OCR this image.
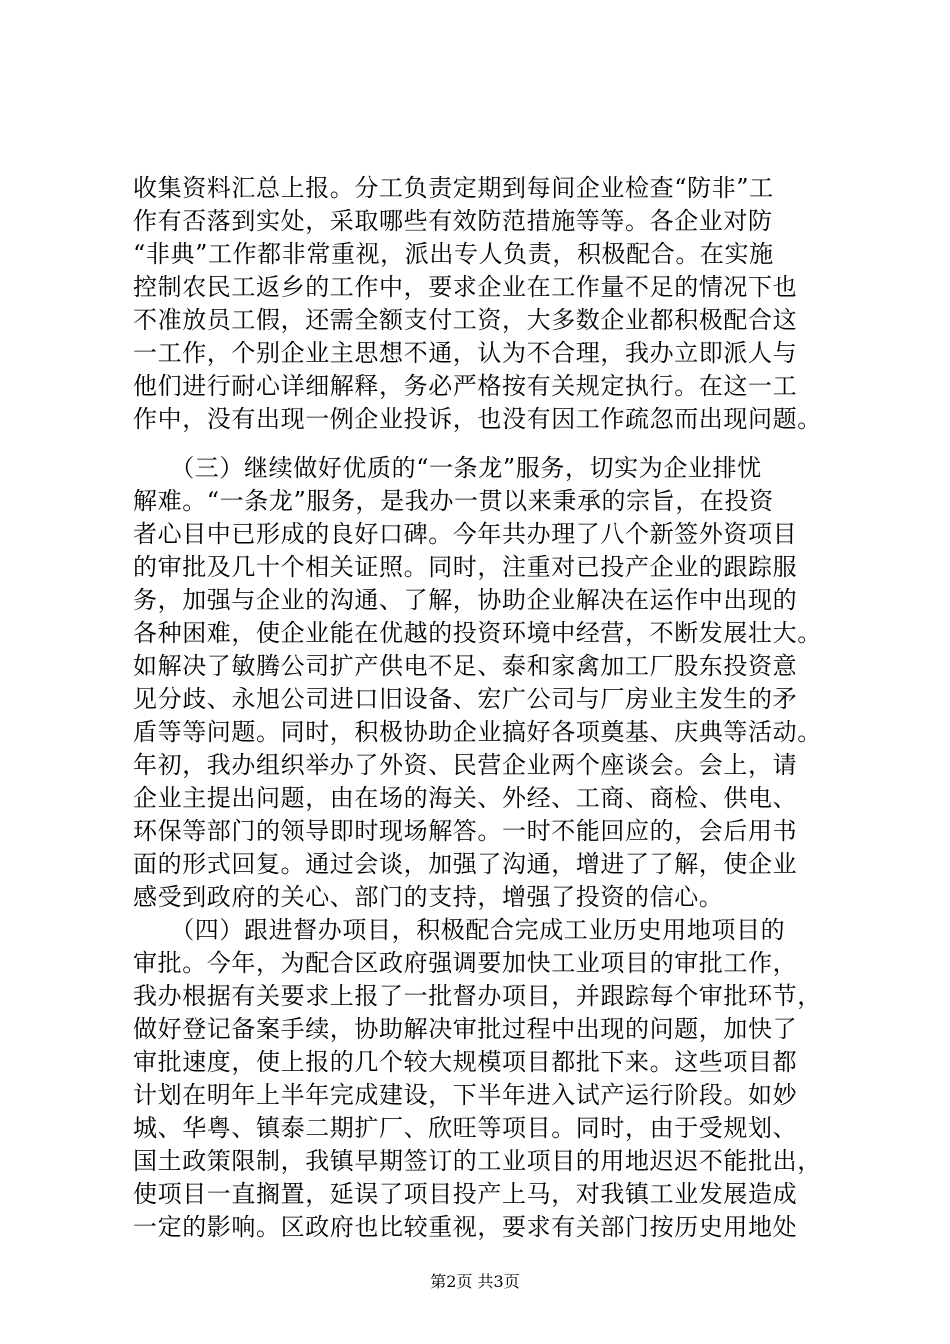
收集资料汇总上报。分工负责定期到每间企业检查“防非”工
作有否落到实处，采取哪些有效防范措施等等。各企业对防
“非典”工作都非常重视，派出专人负责，积极配合。在实施
控制农民工返乡的工作中，要求企业在工作量不足的情况下也
不准放员工假，还需全额支付工资，大多数企业都积极配合这
一工作，个别企业主思想不通，认为不合理，我办立即派人与
他们进行耐心详细解释，务必严格按有关规定执行。在这一工
作中，没有出现一例企业投诉，也没有因工作疏忽而出现问题。
　　（三）继续做好优质的“一条龙”服务，切实为企业排忧
解难。“一条龙”服务，是我办一贯以来秉承的宗旨，在投资
者心目中已形成的良好口碑。今年共办理了八个新签外资项目
的审批及几十个相关证照。同时，注重对已投产企业的跟踪服
务，加强与企业的沟通、了解，协助企业解决在运作中出现的
各种困难，使企业能在优越的投资环境中经营，不断发展壮大。
如解决了敏腾公司扩产供电不足、泰和家禽加工厂股东投资意
见分歧、永旭公司进口旧设备、宏广公司与厂房业主发生的矛
盾等等问题。同时，积极协助企业搞好各项奠基、庆典等活动。
年初，我办组织举办了外资、民营企业两个座谈会。会上，请
企业主提出问题，由在场的海关、外经、工商、商检、供电、
环保等部门的领导即时现场解答。一时不能回应的，会后用书
面的形式回复。通过会谈，加强了沟通，增进了了解，使企业
感受到政府的关心、部门的支持，增强了投资的信心。
　　（四）跟进督办项目，积极配合完成工业历史用地项目的
审批。今年，为配合区政府强调要加快工业项目的审批工作，
我办根据有关要求上报了一批督办项目，并跟踪每个审批环节，
做好登记备案手续，协助解决审批过程中出现的问题，加快了
审批速度，使上报的几个较大规模项目都批下来。这些项目都
计划在明年上半年完成建设，下半年进入试产运行阶段。如妙
城、华粤、镇泰二期扩厂、欣旺等项目。同时，由于受规划、
国土政策限制，我镇早期签订的工业项目的用地迟迟不能批出，
使项目一直搁置，延误了项目投产上马，对我镇工业发展造成
一定的影响。区政府也比较重视，要求有关部门按历史用地处
第2页 共3页
